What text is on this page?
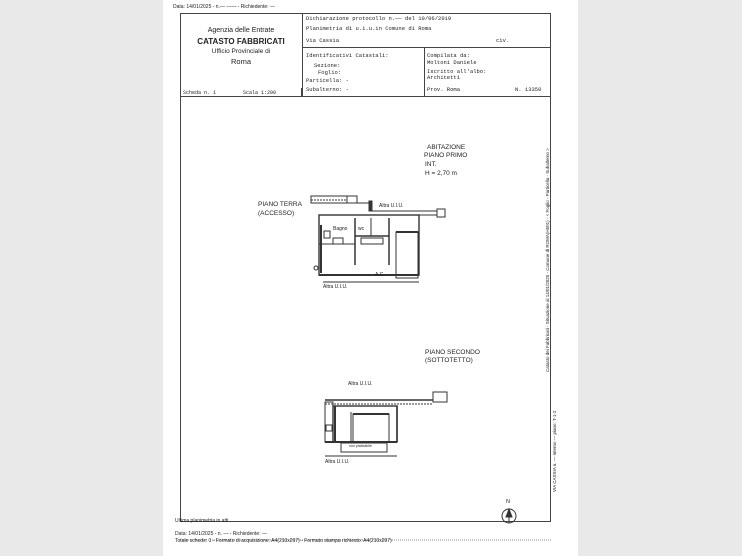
Data: 14/01/2025 - n.— —— - Richiedente: —
Agenzia delle Entrate
CATASTO FABBRICATI
Ufficio Provinciale di
Roma
Dichiarazione protocollo n.—— del 10/06/2019
Planimetria di u.i.u.in Comune di Roma
Via Cassia	civ.
Identificativi Catastali:
Sezione:
Foglio:
Particella: -
Subalterno: -
Compilata da:
Moltoni Daniele
Iscritto all'albo:
Architetti
Prov. Roma	N. 13350
Scheda n. 1	Scala 1:200
ABITAZIONE
PIANO PRIMO
INT.
H = 2,70 m
PIANO TERRA
(ACCESSO)
Altra U.I.U.
Bagno wc
A.C.
Altra U.I.U.
PIANO SECONDO
(SOTTOTETTO)
Altra U.I.U.
non praticabile
Altra U.I.U.
N
Ultima planimetria in atti
Data: 14/01/2025 - n. — - Richiedente: —
Totale schede: 1 - Formato di acquisizione: A4(210x297) - Formato stampa richiesto: A4(210x297)
Catasto dei Fabbricati - Situazione al 14/01/2025 - Comune di ROMA(H501) - < Foglio - Particella - Subalterno >
VIA CASSIA n. — Interno — piano: T-1-2
